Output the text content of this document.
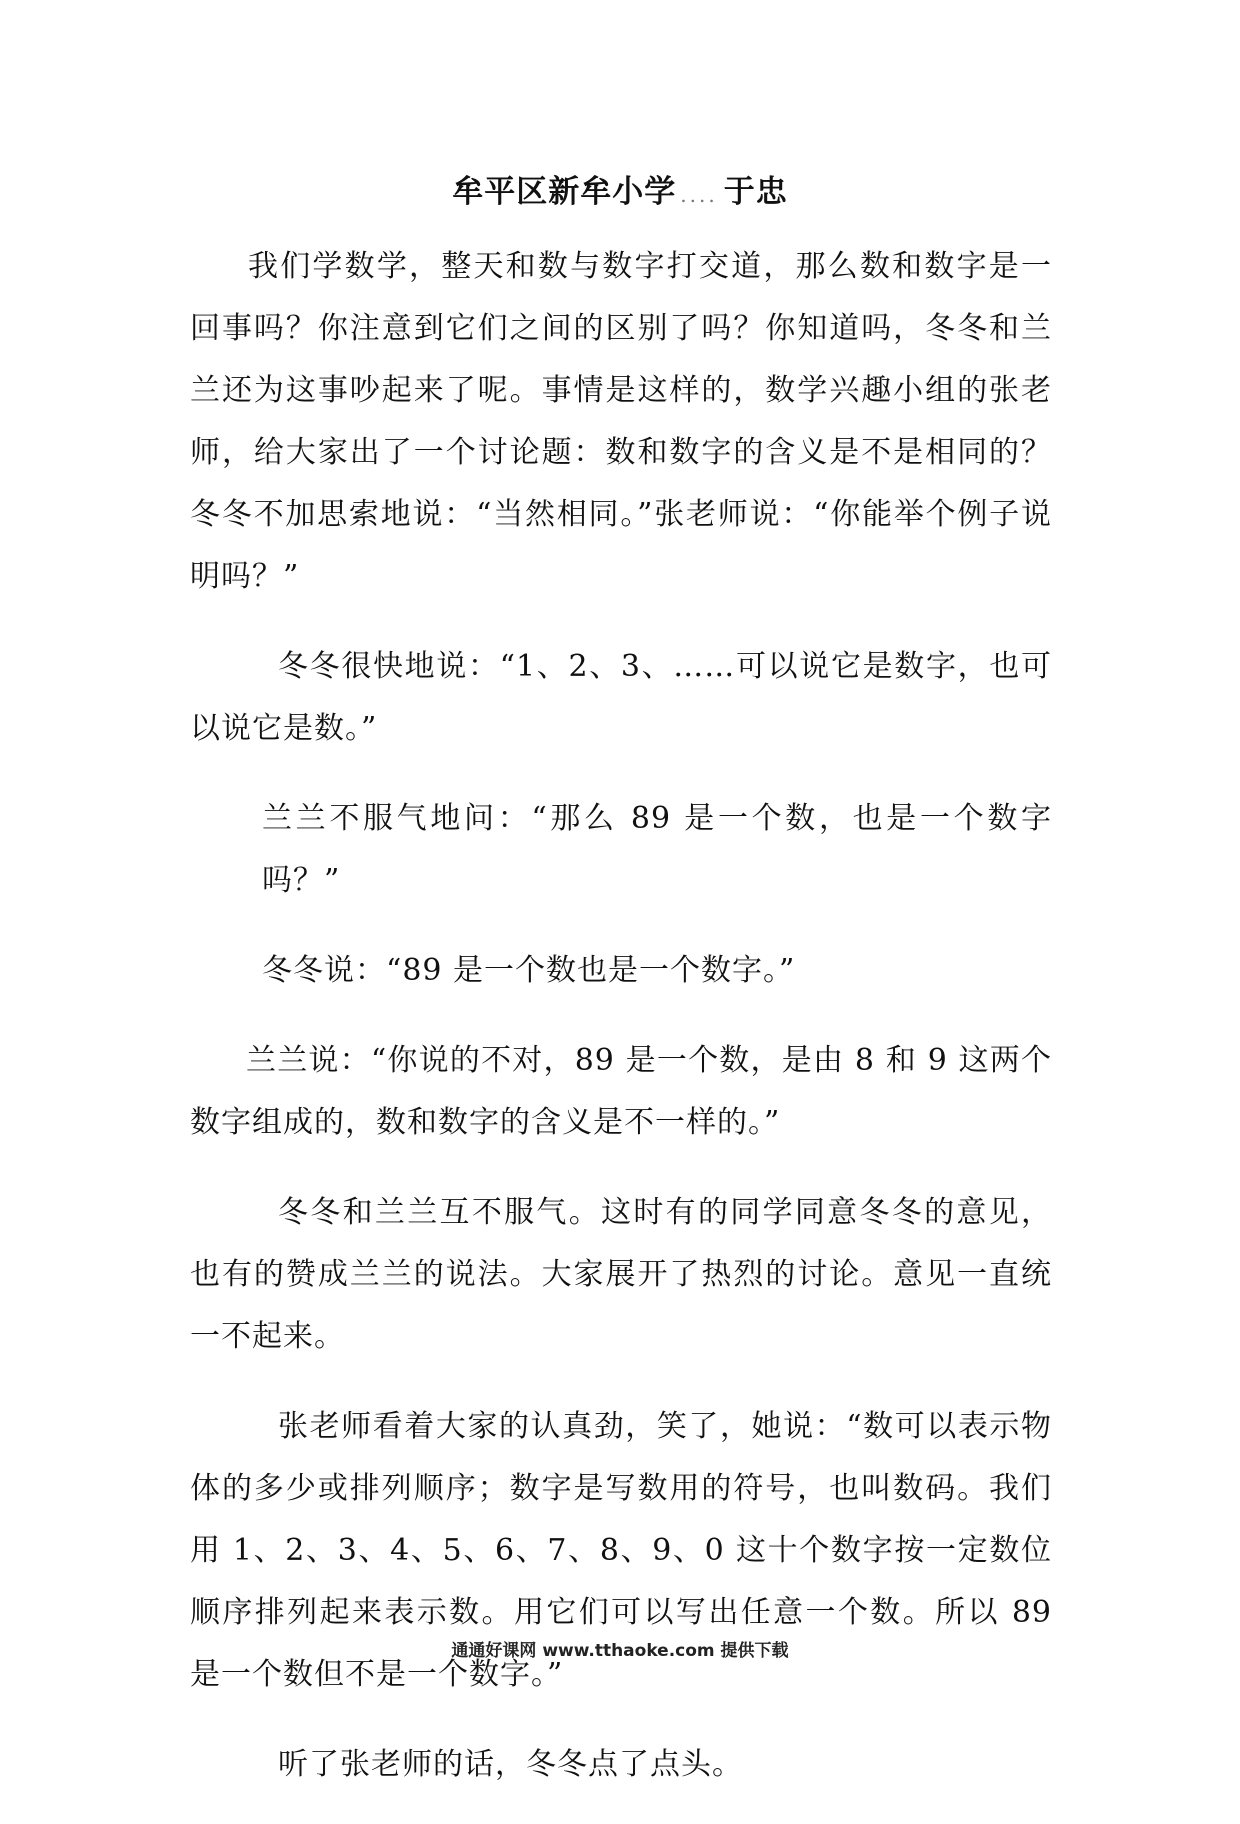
牟平区新牟小学 .... 于忠

我们学数学，整天和数与数字打交道，那么数和数字是一回事吗？你注意到它们之间的区别了吗？你知道吗，冬冬和兰兰还为这事吵起来了呢。事情是这样的，数学兴趣小组的张老师，给大家出了一个讨论题：数和数字的含义是不是相同的？冬冬不加思索地说：“当然相同。”张老师说：“你能举个例子说明吗？”

冬冬很快地说：“1、2、3、……可以说它是数字，也可以说它是数。”

兰兰不服气地问：“那么 89 是一个数，也是一个数字吗？”

冬冬说：“89 是一个数也是一个数字。”

兰兰说：“你说的不对，89 是一个数，是由 8 和 9 这两个数字组成的，数和数字的含义是不一样的。”

冬冬和兰兰互不服气。这时有的同学同意冬冬的意见，也有的赞成兰兰的说法。大家展开了热烈的讨论。意见一直统一不起来。

张老师看着大家的认真劲，笑了，她说：“数可以表示物体的多少或排列顺序；数字是写数用的符号，也叫数码。我们用 1、2、3、4、5、6、7、8、9、0 这十个数字按一定数位顺序排列起来表示数。用它们可以写出任意一个数。所以 89 是一个数但不是一个数字。”

听了张老师的话，冬冬点了点头。

通通好课网 www.tthaoke.com 提供下载
